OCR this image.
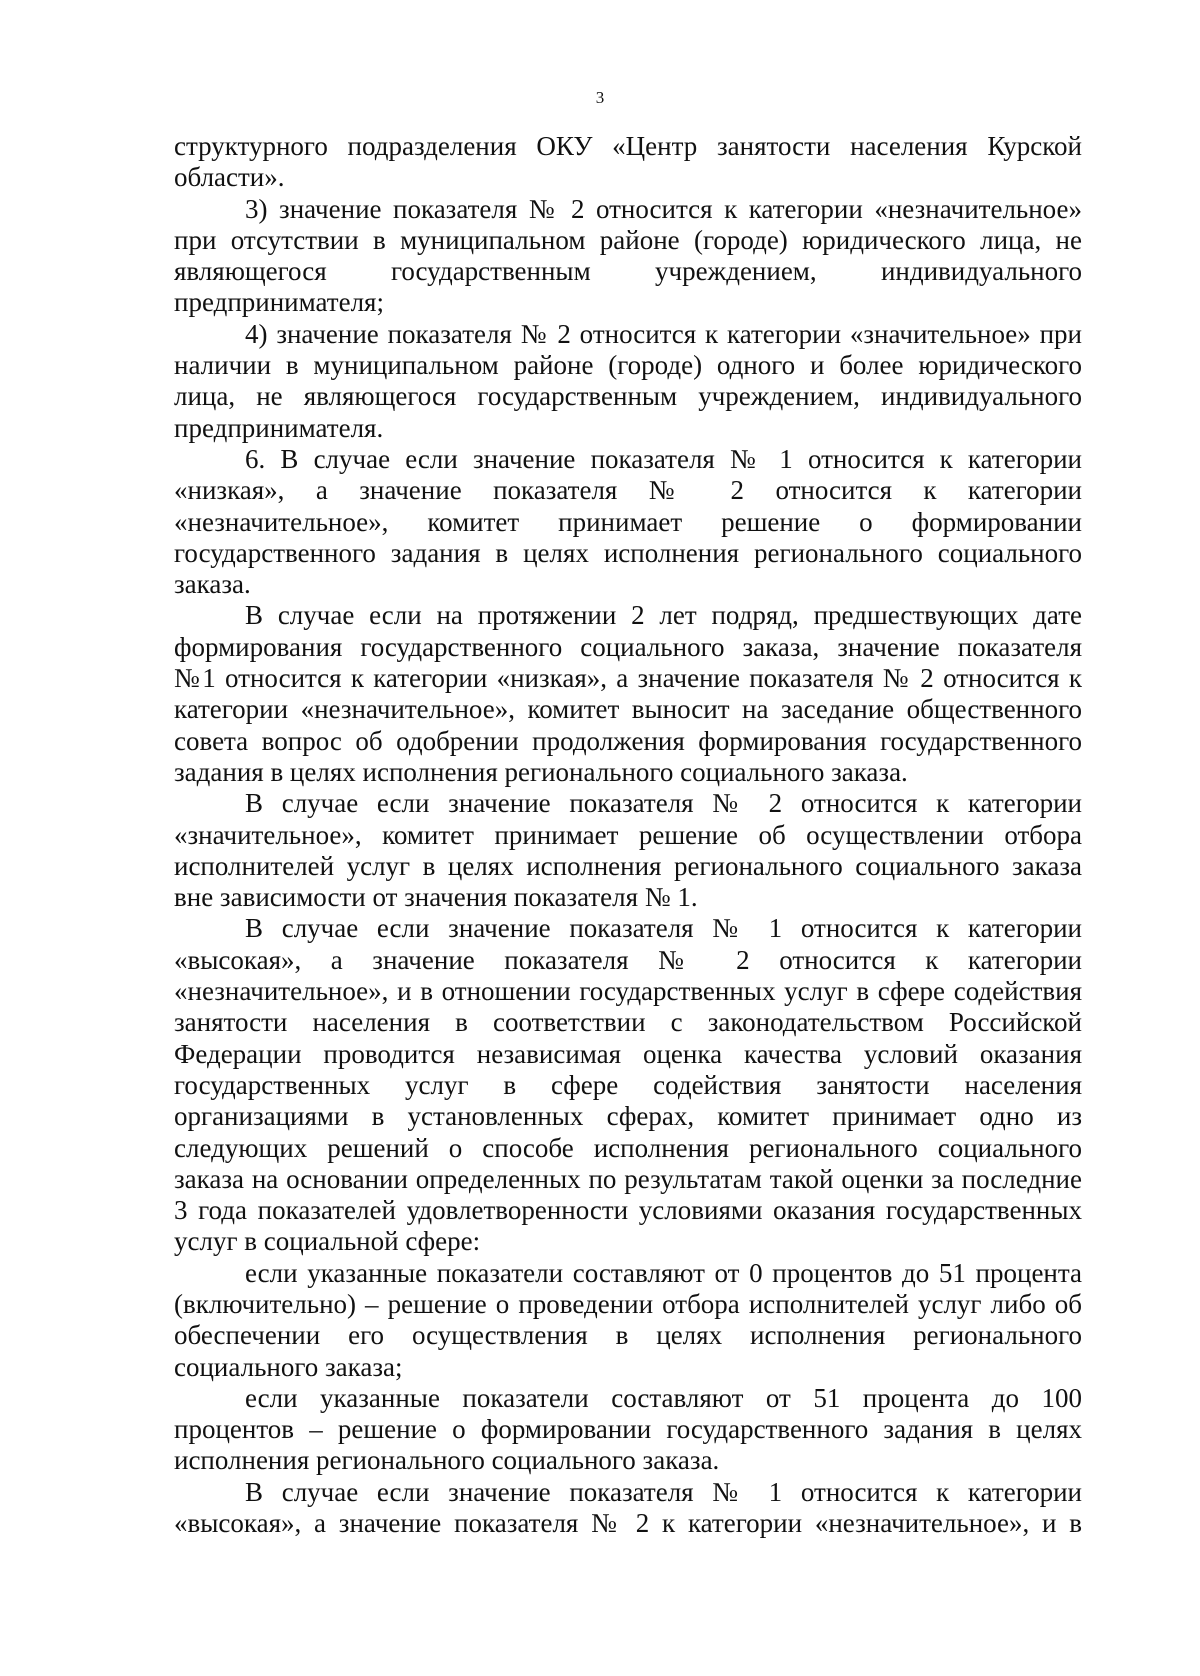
3
структурного подразделения ОКУ «Центр занятости населения Курской
области».
3) значение показателя № 2 относится к категории «незначительное»
при отсутствии в муниципальном районе (городе) юридического лица, не
являющегося государственным учреждением, индивидуального
предпринимателя;
4) значение показателя № 2 относится к категории «значительное» при
наличии в муниципальном районе (городе) одного и более юридического
лица, не являющегося государственным учреждением, индивидуального
предпринимателя.
6. В случае если значение показателя № 1 относится к категории
«низкая», а значение показателя № 2 относится к категории
«незначительное», комитет принимает решение о формировании
государственного задания в целях исполнения регионального социального
заказа.
В случае если на протяжении 2 лет подряд, предшествующих дате
формирования государственного социального заказа, значение показателя
№1 относится к категории «низкая», а значение показателя № 2 относится к
категории «незначительное», комитет выносит на заседание общественного
совета вопрос об одобрении продолжения формирования государственного
задания в целях исполнения регионального социального заказа.
В случае если значение показателя № 2 относится к категории
«значительное», комитет принимает решение об осуществлении отбора
исполнителей услуг в целях исполнения регионального социального заказа
вне зависимости от значения показателя № 1.
В случае если значение показателя № 1 относится к категории
«высокая», а значение показателя № 2 относится к категории
«незначительное», и в отношении государственных услуг в сфере содействия
занятости населения в соответствии с законодательством Российской
Федерации проводится независимая оценка качества условий оказания
государственных услуг в сфере содействия занятости населения
организациями в установленных сферах, комитет принимает одно из
следующих решений о способе исполнения регионального социального
заказа на основании определенных по результатам такой оценки за последние
3 года показателей удовлетворенности условиями оказания государственных
услуг в социальной сфере:
если указанные показатели составляют от 0 процентов до 51 процента
(включительно) – решение о проведении отбора исполнителей услуг либо об
обеспечении его осуществления в целях исполнения регионального
социального заказа;
если указанные показатели составляют от 51 процента до 100
процентов – решение о формировании государственного задания в целях
исполнения регионального социального заказа.
В случае если значение показателя № 1 относится к категории
«высокая», а значение показателя № 2 к категории «незначительное», и в
